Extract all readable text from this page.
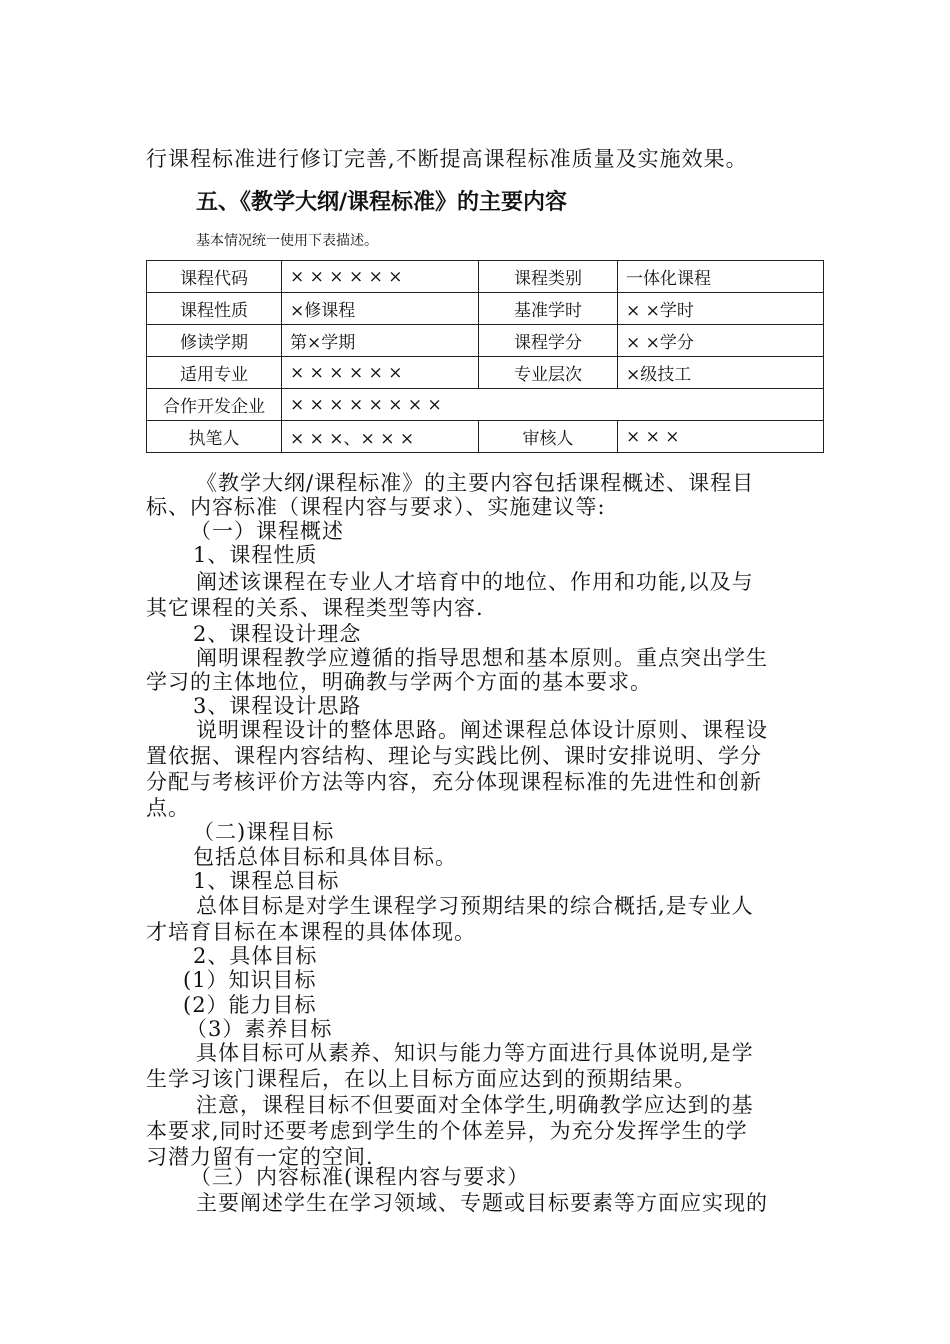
行课程标准进行修订完善,不断提高课程标准质量及实施效果。
五、《教学大纲/课程标准》的主要内容
基本情况统一使用下表描述。
课程代码	× × × × × ×	课程类别	一体化课程
课程性质	×修课程	基准学时	× ×学时
修读学期	第×学期	课程学分	× ×学分
适用专业	× × × × × ×	专业层次	×级技工
合作开发企业	× × × × × × × ×		
执笔人	× × ×、× × ×	审核人	× × ×
《教学大纲/课程标准》的主要内容包括课程概述、课程目
标、内容标准（课程内容与要求）、实施建议等:
（一）课程概述
1、课程性质
阐述该课程在专业人才培育中的地位、作用和功能,以及与
其它课程的关系、课程类型等内容.
2、课程设计理念
阐明课程教学应遵循的指导思想和基本原则。重点突出学生
学习的主体地位，明确教与学两个方面的基本要求。
3、课程设计思路
说明课程设计的整体思路。阐述课程总体设计原则、课程设
置依据、课程内容结构、理论与实践比例、课时安排说明、学分
分配与考核评价方法等内容，充分体现课程标准的先进性和创新
点。
（二)课程目标
包括总体目标和具体目标。
1、课程总目标
总体目标是对学生课程学习预期结果的综合概括,是专业人
才培育目标在本课程的具体体现。
2、具体目标
(1）知识目标
(2）能力目标
（3）素养目标
具体目标可从素养、知识与能力等方面进行具体说明,是学
生学习该门课程后，在以上目标方面应达到的预期结果。
注意，课程目标不但要面对全体学生,明确教学应达到的基
本要求,同时还要考虑到学生的个体差异，为充分发挥学生的学
习潜力留有一定的空间.
（三）内容标准(课程内容与要求）
主要阐述学生在学习领域、专题或目标要素等方面应实现的
